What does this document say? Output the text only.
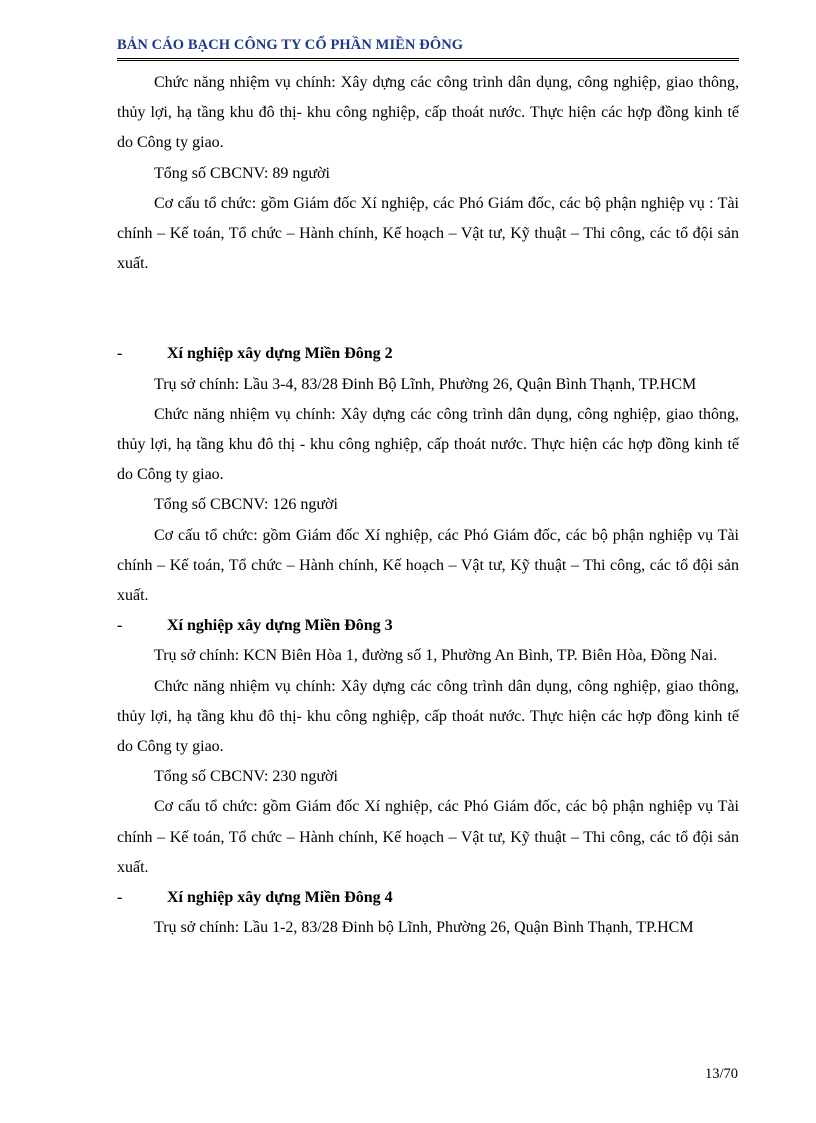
BẢN CÁO BẠCH CÔNG TY CỔ PHẦN MIỀN ĐÔNG

Chức năng nhiệm vụ chính: Xây dựng các công trình dân dụng, công nghiệp, giao thông, thủy lợi, hạ tầng khu đô thị- khu công nghiệp, cấp thoát nước. Thực hiện các hợp đồng kinh tế do Công ty giao.

Tổng số CBCNV: 89 người

Cơ cấu tổ chức: gồm Giám đốc Xí nghiệp, các Phó Giám đốc, các bộ phận nghiệp vụ : Tài chính – Kế toán, Tổ chức – Hành chính, Kế hoạch – Vật tư, Kỹ thuật – Thi công, các tổ đội sản xuất.

-	Xí nghiệp xây dựng Miền Đông 2

Trụ sở chính: Lầu 3-4, 83/28 Đinh Bộ Lĩnh, Phường 26, Quận Bình Thạnh, TP.HCM

Chức năng nhiệm vụ chính: Xây dựng các công trình dân dụng, công nghiệp, giao thông, thủy lợi, hạ tầng khu đô thị - khu công nghiệp, cấp thoát nước. Thực hiện các hợp đồng kinh tế do Công ty giao.

Tổng số CBCNV: 126 người

Cơ cấu tổ chức: gồm Giám đốc Xí nghiệp, các Phó Giám đốc, các bộ phận nghiệp vụ Tài chính – Kế toán, Tổ chức – Hành chính, Kế hoạch – Vật tư, Kỹ thuật – Thi công, các tổ đội sản xuất.

-	Xí nghiệp xây dựng Miền Đông 3

Trụ sở chính: KCN Biên Hòa 1, đường số 1, Phường An Bình, TP. Biên Hòa, Đồng Nai.

Chức năng nhiệm vụ chính: Xây dựng các công trình dân dụng, công nghiệp, giao thông, thủy lợi, hạ tầng khu đô thị- khu công nghiệp, cấp thoát nước. Thực hiện các hợp đồng kinh tế do Công ty giao.

Tổng số CBCNV: 230 người

Cơ cấu tổ chức: gồm Giám đốc Xí nghiệp, các Phó Giám đốc, các bộ phận nghiệp vụ Tài chính – Kế toán, Tổ chức – Hành chính, Kế hoạch – Vật tư, Kỹ thuật – Thi công, các tổ đội sản xuất.

-	Xí nghiệp xây dựng Miền Đông 4

Trụ sở chính: Lầu 1-2, 83/28 Đinh bộ Lĩnh, Phường 26, Quận Bình Thạnh, TP.HCM

13/70
